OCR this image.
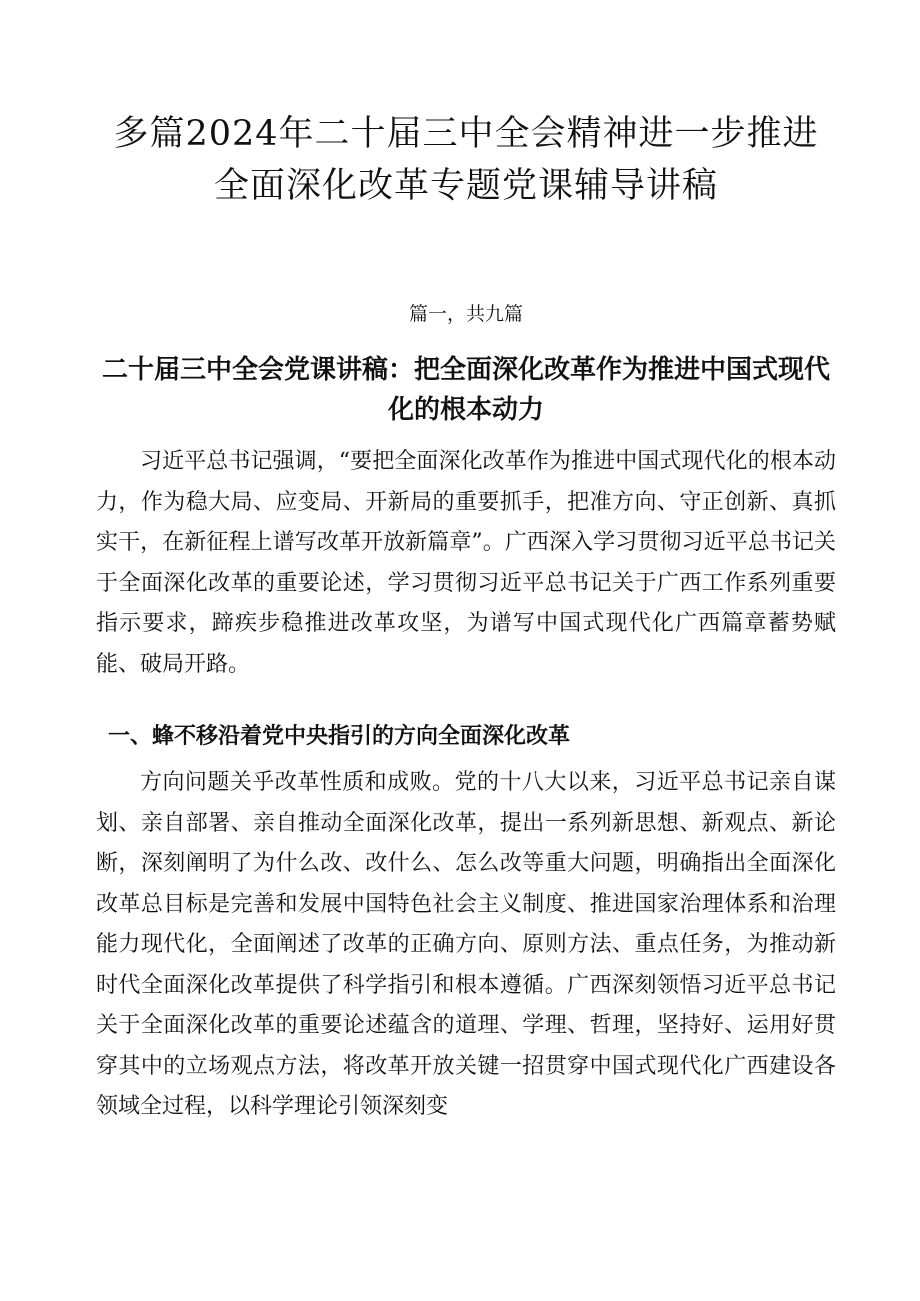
多篇2024年二十届三中全会精神进一步推进全面深化改革专题党课辅导讲稿
篇一，共九篇
二十届三中全会党课讲稿：把全面深化改革作为推进中国式现代化的根本动力

习近平总书记强调，“要把全面深化改革作为推进中国式现代化的根本动力，作为稳大局、应变局、开新局的重要抓手，把准方向、守正创新、真抓实干，在新征程上谱写改革开放新篇章”。广西深入学习贯彻习近平总书记关于全面深化改革的重要论述，学习贯彻习近平总书记关于广西工作系列重要指示要求，蹄疾步稳推进改革攻坚，为谱写中国式现代化广西篇章蓄势赋能、破局开路。

一、蜂不移沿着党中央指引的方向全面深化改革

方向问题关乎改革性质和成败。党的十八大以来，习近平总书记亲自谋划、亲自部署、亲自推动全面深化改革，提出一系列新思想、新观点、新论断，深刻阐明了为什么改、改什么、怎么改等重大问题，明确指出全面深化改革总目标是完善和发展中国特色社会主义制度、推进国家治理体系和治理能力现代化，全面阐述了改革的正确方向、原则方法、重点任务，为推动新时代全面深化改革提供了科学指引和根本遵循。广西深刻领悟习近平总书记关于全面深化改革的重要论述蕴含的道理、学理、哲理，坚持好、运用好贯穿其中的立场观点方法，将改革开放关键一招贯穿中国式现代化广西建设各领域全过程，以科学理论引领深刻变
